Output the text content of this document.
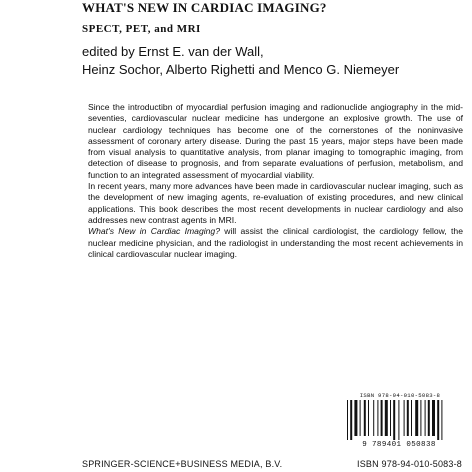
WHAT'S NEW IN CARDIAC IMAGING?
SPECT, PET, and MRI
edited by Ernst E. van der Wall,
Heinz Sochor, Alberto Righetti and Menco G. Niemeyer

Since the introductibn of myocardial perfusion imaging and radionuclide angiography in the mid-seventies, cardiovascular nuclear medicine has undergone an explosive growth. The use of nuclear cardiology techniques has become one of the cornerstones of the noninvasive assessment of coronary artery disease. During the past 15 years, major steps have been made from visual analysis to quantitative analysis, from planar imaging to tomographic imaging, from detection of disease to prognosis, and from separate evaluations of perfusion, metabolism, and function to an integrated assessment of myocardial viability.

In recent years, many more advances have been made in cardiovascular nuclear imaging, such as the development of new imaging agents, re-evaluation of existing procedures, and new clinical applications. This book describes the most recent developments in nuclear cardiology and also addresses new contrast agents in MRI.

What's New in Cardiac Imaging? will assist the clinical cardiologist, the cardiology fellow, the nuclear medicine physician, and the radiologist in understanding the most recent achievements in clinical cardiovascular nuclear imaging.

ISBN 978-94-010-5083-8
9 789401 050838
SPRINGER-SCIENCE+BUSINESS MEDIA, B.V.	ISBN 978-94-010-5083-8
